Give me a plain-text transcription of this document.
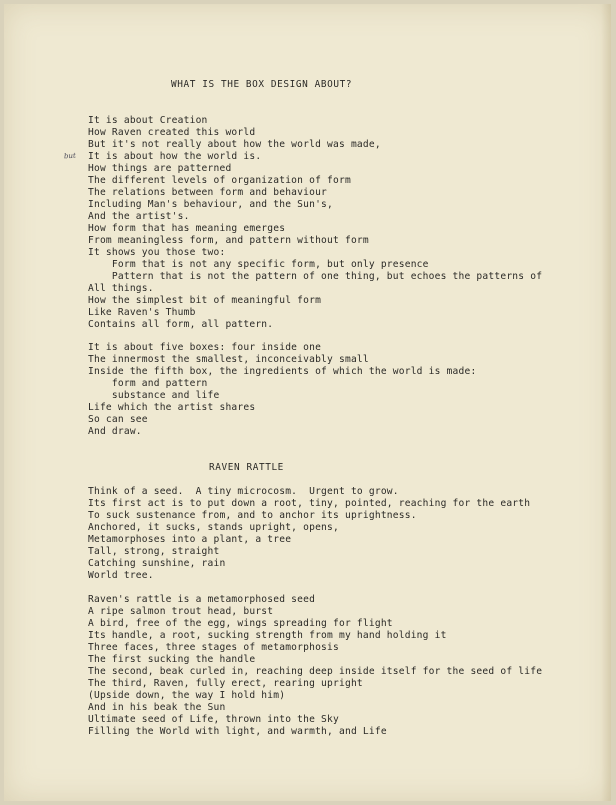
WHAT IS THE BOX DESIGN ABOUT?
but
It is about Creation
How Raven created this world
But it's not really about how the world was made,
It is about how the world is.
How things are patterned
The different levels of organization of form
The relations between form and behaviour
Including Man's behaviour, and the Sun's,
And the artist's.
How form that has meaning emerges
From meaningless form, and pattern without form
It shows you those two:
Form that is not any specific form, but only presence
Pattern that is not the pattern of one thing, but echoes the patterns of
All things.
How the simplest bit of meaningful form
Like Raven's Thumb
Contains all form, all pattern.
It is about five boxes: four inside one
The innermost the smallest, inconceivably small
Inside the fifth box, the ingredients of which the world is made:
form and pattern
substance and life
Life which the artist shares
So can see
And draw.
RAVEN RATTLE
Think of a seed.  A tiny microcosm.  Urgent to grow.
Its first act is to put down a root, tiny, pointed, reaching for the earth
To suck sustenance from, and to anchor its uprightness.
Anchored, it sucks, stands upright, opens,
Metamorphoses into a plant, a tree
Tall, strong, straight
Catching sunshine, rain
World tree.
Raven's rattle is a metamorphosed seed
A ripe salmon trout head, burst
A bird, free of the egg, wings spreading for flight
Its handle, a root, sucking strength from my hand holding it
Three faces, three stages of metamorphosis
The first sucking the handle
The second, beak curled in, reaching deep inside itself for the seed of life
The third, Raven, fully erect, rearing upright
(Upside down, the way I hold him)
And in his beak the Sun
Ultimate seed of Life, thrown into the Sky
Filling the World with light, and warmth, and Life
